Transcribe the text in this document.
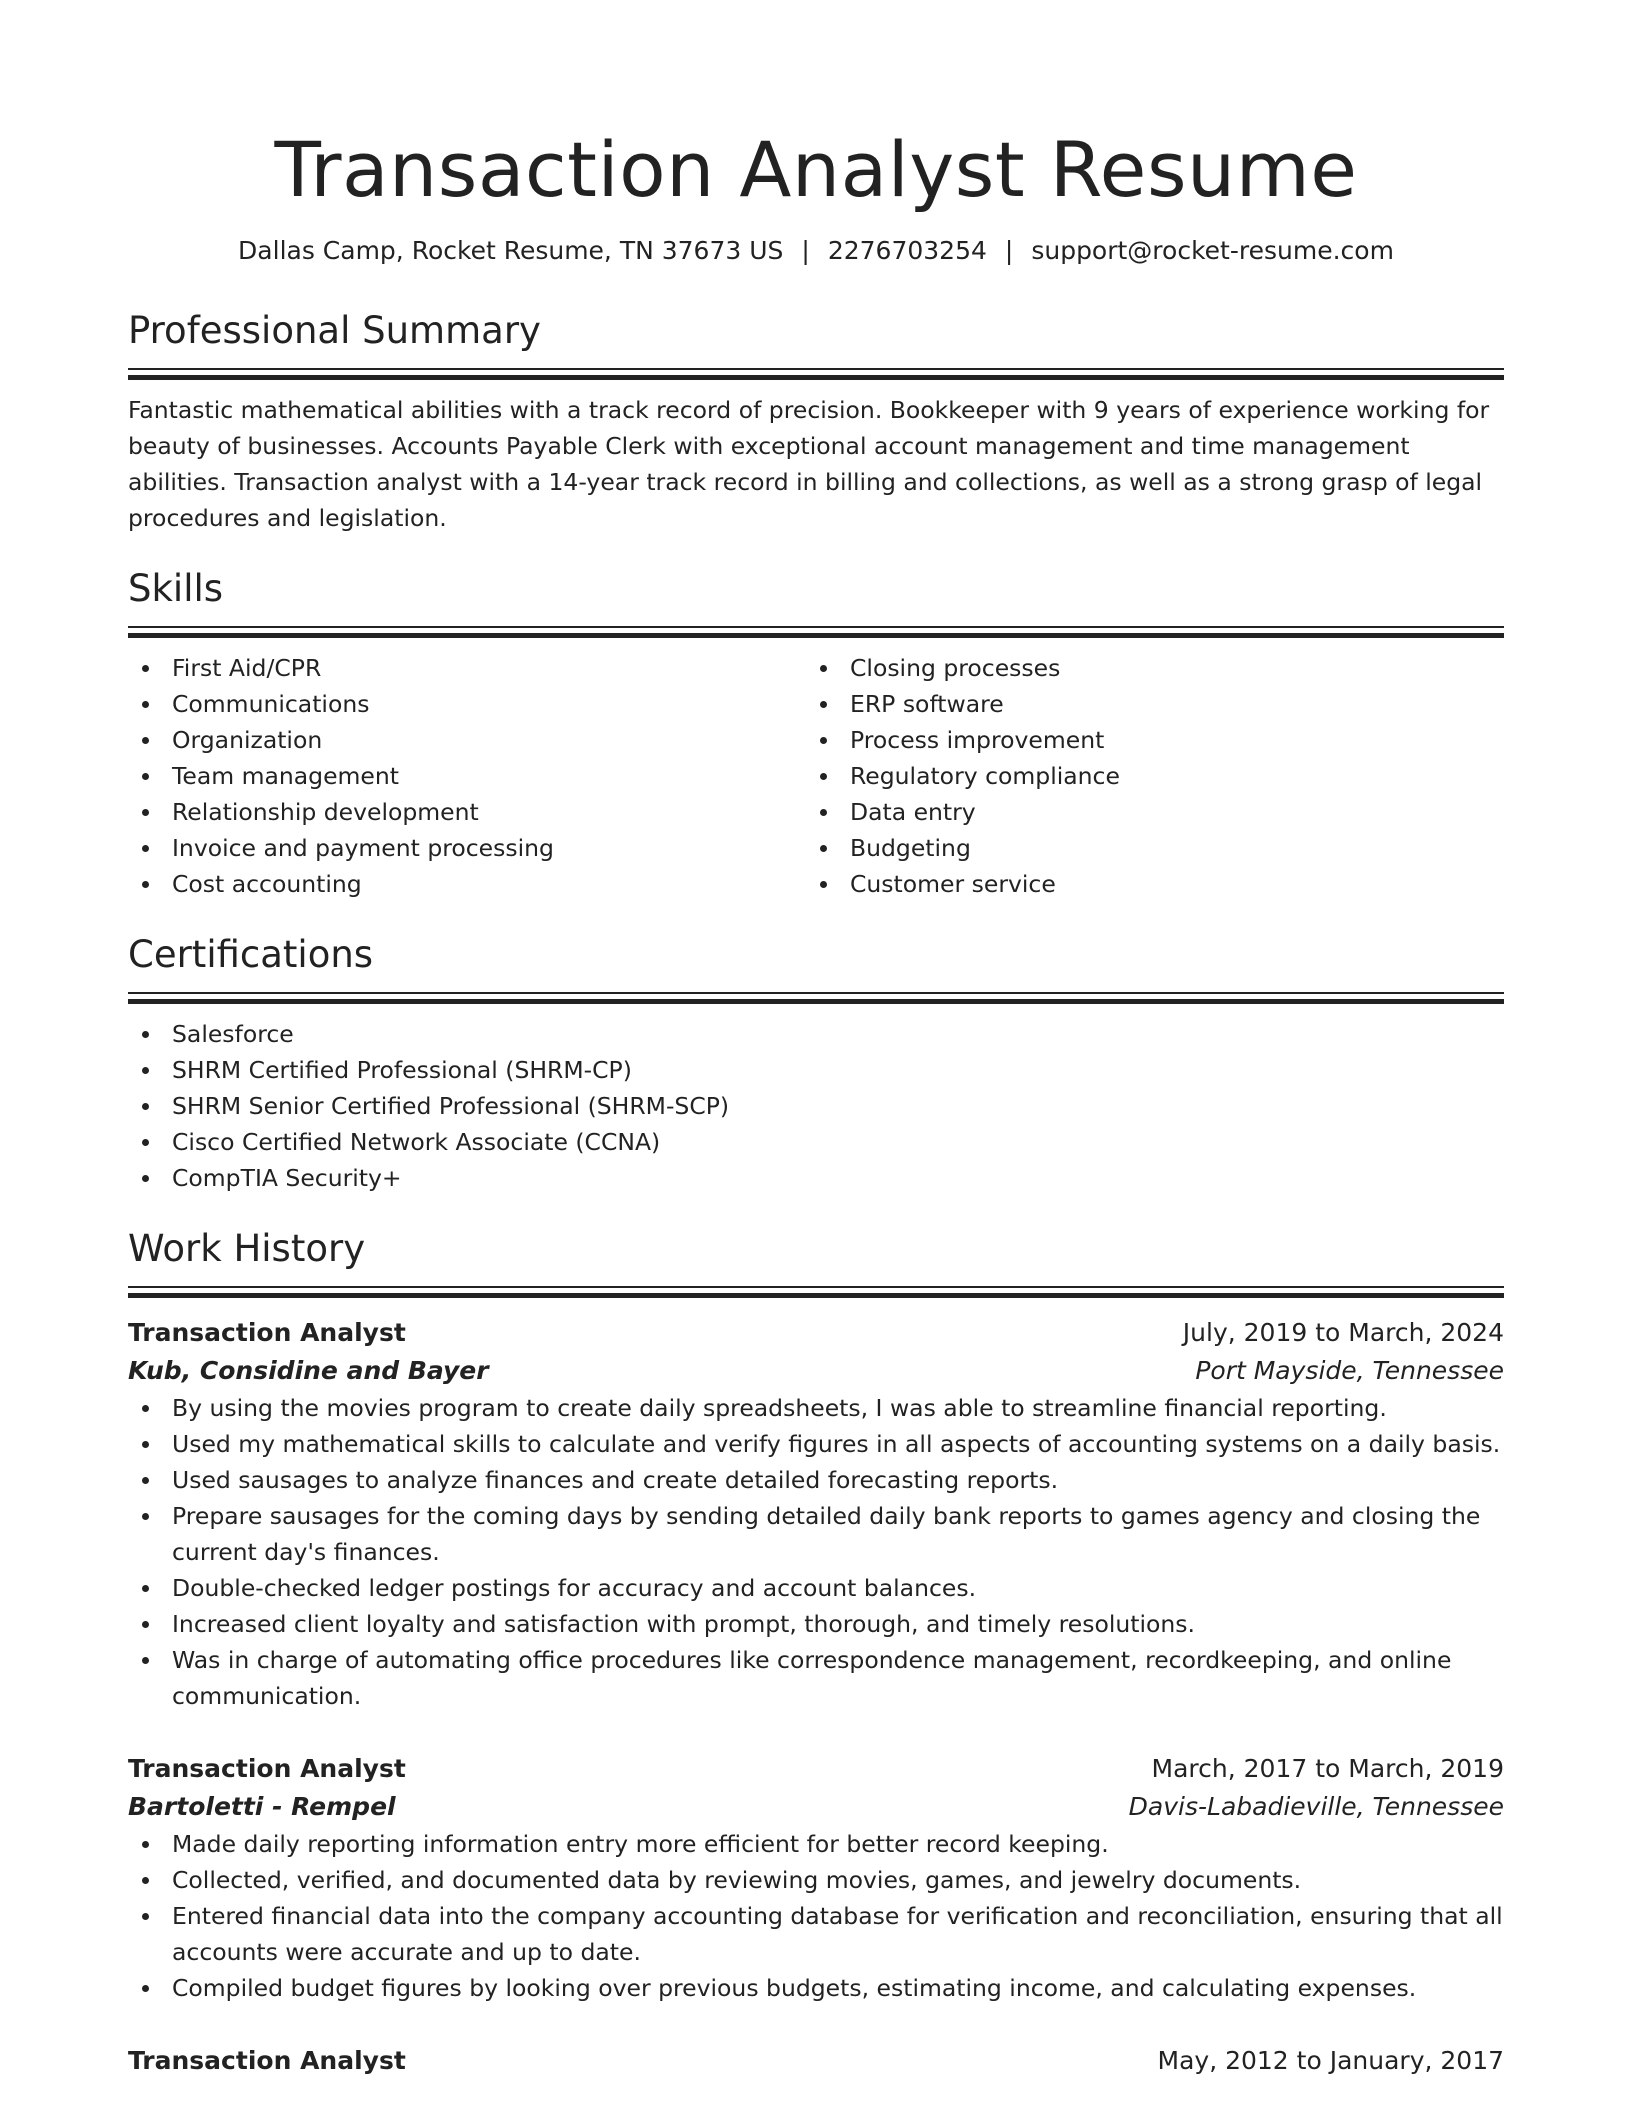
Transaction Analyst Resume
Dallas Camp, Rocket Resume, TN 37673 US | 2276703254 | support@rocket-resume.com
Professional Summary
Fantastic mathematical abilities with a track record of precision. Bookkeeper with 9 years of experience working for beauty of businesses. Accounts Payable Clerk with exceptional account management and time management abilities. Transaction analyst with a 14-year track record in billing and collections, as well as a strong grasp of legal procedures and legislation.
Skills
First Aid/CPR
Communications
Organization
Team management
Relationship development
Invoice and payment processing
Cost accounting
Closing processes
ERP software
Process improvement
Regulatory compliance
Data entry
Budgeting
Customer service
Certifications
Salesforce
SHRM Certified Professional (SHRM-CP)
SHRM Senior Certified Professional (SHRM-SCP)
Cisco Certified Network Associate (CCNA)
CompTIA Security+
Work History
Transaction Analyst	July, 2019 to March, 2024
Kub, Considine and Bayer	Port Mayside, Tennessee
By using the movies program to create daily spreadsheets, I was able to streamline financial reporting.
Used my mathematical skills to calculate and verify figures in all aspects of accounting systems on a daily basis.
Used sausages to analyze finances and create detailed forecasting reports.
Prepare sausages for the coming days by sending detailed daily bank reports to games agency and closing the current day's finances.
Double-checked ledger postings for accuracy and account balances.
Increased client loyalty and satisfaction with prompt, thorough, and timely resolutions.
Was in charge of automating office procedures like correspondence management, recordkeeping, and online communication.
Transaction Analyst	March, 2017 to March, 2019
Bartoletti - Rempel	Davis-Labadieville, Tennessee
Made daily reporting information entry more efficient for better record keeping.
Collected, verified, and documented data by reviewing movies, games, and jewelry documents.
Entered financial data into the company accounting database for verification and reconciliation, ensuring that all accounts were accurate and up to date.
Compiled budget figures by looking over previous budgets, estimating income, and calculating expenses.
Transaction Analyst	May, 2012 to January, 2017
